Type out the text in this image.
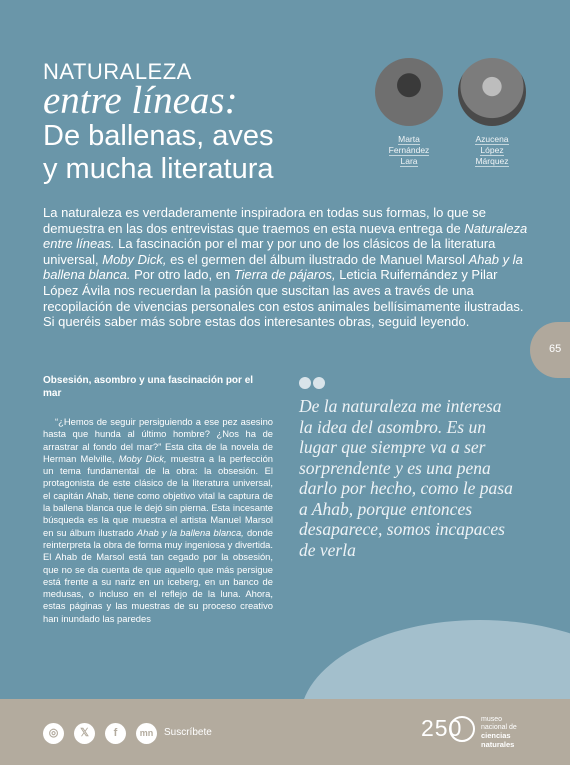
NATURALEZA
entre líneas:
De ballenas, aves
y mucha literatura
Marta
Fernández
Lara
Azucena
López
Márquez

La naturaleza es verdaderamente inspiradora en todas sus formas, lo que se demuestra en las dos entrevistas que traemos en esta nueva entrega de Naturaleza entre líneas. La fascinación por el mar y por uno de los clásicos de la literatura universal, Moby Dick, es el germen del álbum ilustrado de Manuel Marsol Ahab y la ballena blanca. Por otro lado, en Tierra de pájaros, Leticia Ruifernández y Pilar López Ávila nos recuerdan la pasión que suscitan las aves a través de una recopilación de vivencias personales con estos animales bellísimamente ilustradas. Si queréis saber más sobre estas dos interesantes obras, seguid leyendo.

65
Obsesión, asombro y una fascinación por el mar

“¿Hemos de seguir persiguiendo a ese pez asesino hasta que hunda al último hombre? ¿Nos ha de arrastrar al fondo del mar?” Esta cita de la novela de Herman Melville, Moby Dick, muestra a la perfección un tema fundamental de la obra: la obsesión. El protagonista de este clásico de la literatura universal, el capitán Ahab, tiene como objetivo vital la captura de la ballena blanca que le dejó sin pierna. Esta incesante búsqueda es la que muestra el artista Manuel Marsol en su álbum ilustrado Ahab y la ballena blanca, donde reinterpreta la obra de forma muy ingeniosa y divertida. El Ahab de Marsol está tan cegado por la obsesión, que no se da cuenta de que aquello que más persigue está frente a su nariz en un iceberg, en un banco de medusas, o incluso en el reflejo de la luna. Ahora, estas páginas y las muestras de su proceso creativo han inundado las paredes

De la naturaleza me interesa la idea del asombro. Es un lugar que siempre va a ser sorprendente y es una pena darlo por hecho, como le pasa a Ahab, porque entonces desaparece, somos incapaces de verla
◎	𝕏	f	mn	Suscríbete	250	museo
nacional de
ciencias
naturales
